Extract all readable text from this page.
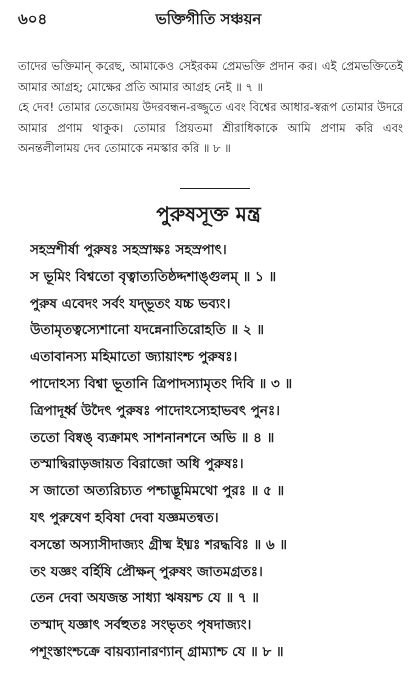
৬০৪	ভক্তিগীতি সঞ্চয়ন

তাদের ভক্তিমান্ করেছ, আমাকেও সেইরকম প্রেমভক্তি প্রদান কর। এই প্রেমভক্তিতেই আমার আগ্রহ; মোক্ষের প্রতি আমার আগ্রহ নেই ॥ ৭ ॥

হে দেব! তোমার তেজোময় উদরবন্ধন-রজ্জুতে এবং বিশ্বের আধার-স্বরূপ তোমার উদরে আমার প্রণাম থাকুক। তোমার প্রিয়তমা শ্রীরাধিকাকে আমি প্রণাম করি এবং অনন্তলীলাময় দেব তোমাকে নমস্কার করি ॥ ৮ ॥

পুরুষসূক্ত মন্ত্র
সহস্রশীর্ষা পুরুষঃ সহস্রাক্ষঃ সহস্রপাৎ।
স ভূমিং বিশ্বতো বৃত্বাত্যতিষ্ঠদ্দশাঙ্গুলম্ ॥ ১ ॥
পুরুষ এবেদং সর্বং যদ্‌ভূতং যচ্চ ভব্যং।
উতামৃতত্বস্যেশানো যদন্নেনাতিরোহতি ॥ ২ ॥
এতাবানস্য মহিমাতো জ্যায়াংশ্চ পুরুষঃ।
পাদোঽস্য বিশ্বা ভূতানি ত্রিপাদস্যামৃতং দিবি ॥ ৩ ॥
ত্রিপাদূর্ধ্ব উদৈৎ পুরুষঃ পাদোঽস্যেহাভবৎ পুনঃ।
ততো বিষ্বঙ্ ব্যক্রামৎ সাশনানশনে অভি ॥ ৪ ॥
তস্মাদ্বিরাড়জায়ত বিরাজো অধি পুরুষঃ।
স জাতো অত্যরিচ্যত পশ্চাদ্ভূমিমথো পুরঃ ॥ ৫ ॥
যৎ পুরুষেণ হবিষা দেবা যজ্ঞমতন্বত।
বসন্তো অস্যাসীদাজ্যং গ্রীষ্ম ইধ্মঃ শরদ্ধবিঃ ॥ ৬ ॥
তং যজ্ঞং বর্হিষি প্রৌক্ষন্ পুরুষং জাতমগ্রতঃ।
তেন দেবা অযজন্ত সাধ্যা ঋষয়শ্চ যে ॥ ৭ ॥
তস্মাদ্ যজ্ঞাৎ সর্বহুতঃ সংভৃতং পৃষদাজ্যং।
পশূংস্তাংশ্চক্রে বায়ব্যানারণ্যান্ গ্রাম্যাশ্চ যে ॥ ৮ ॥
